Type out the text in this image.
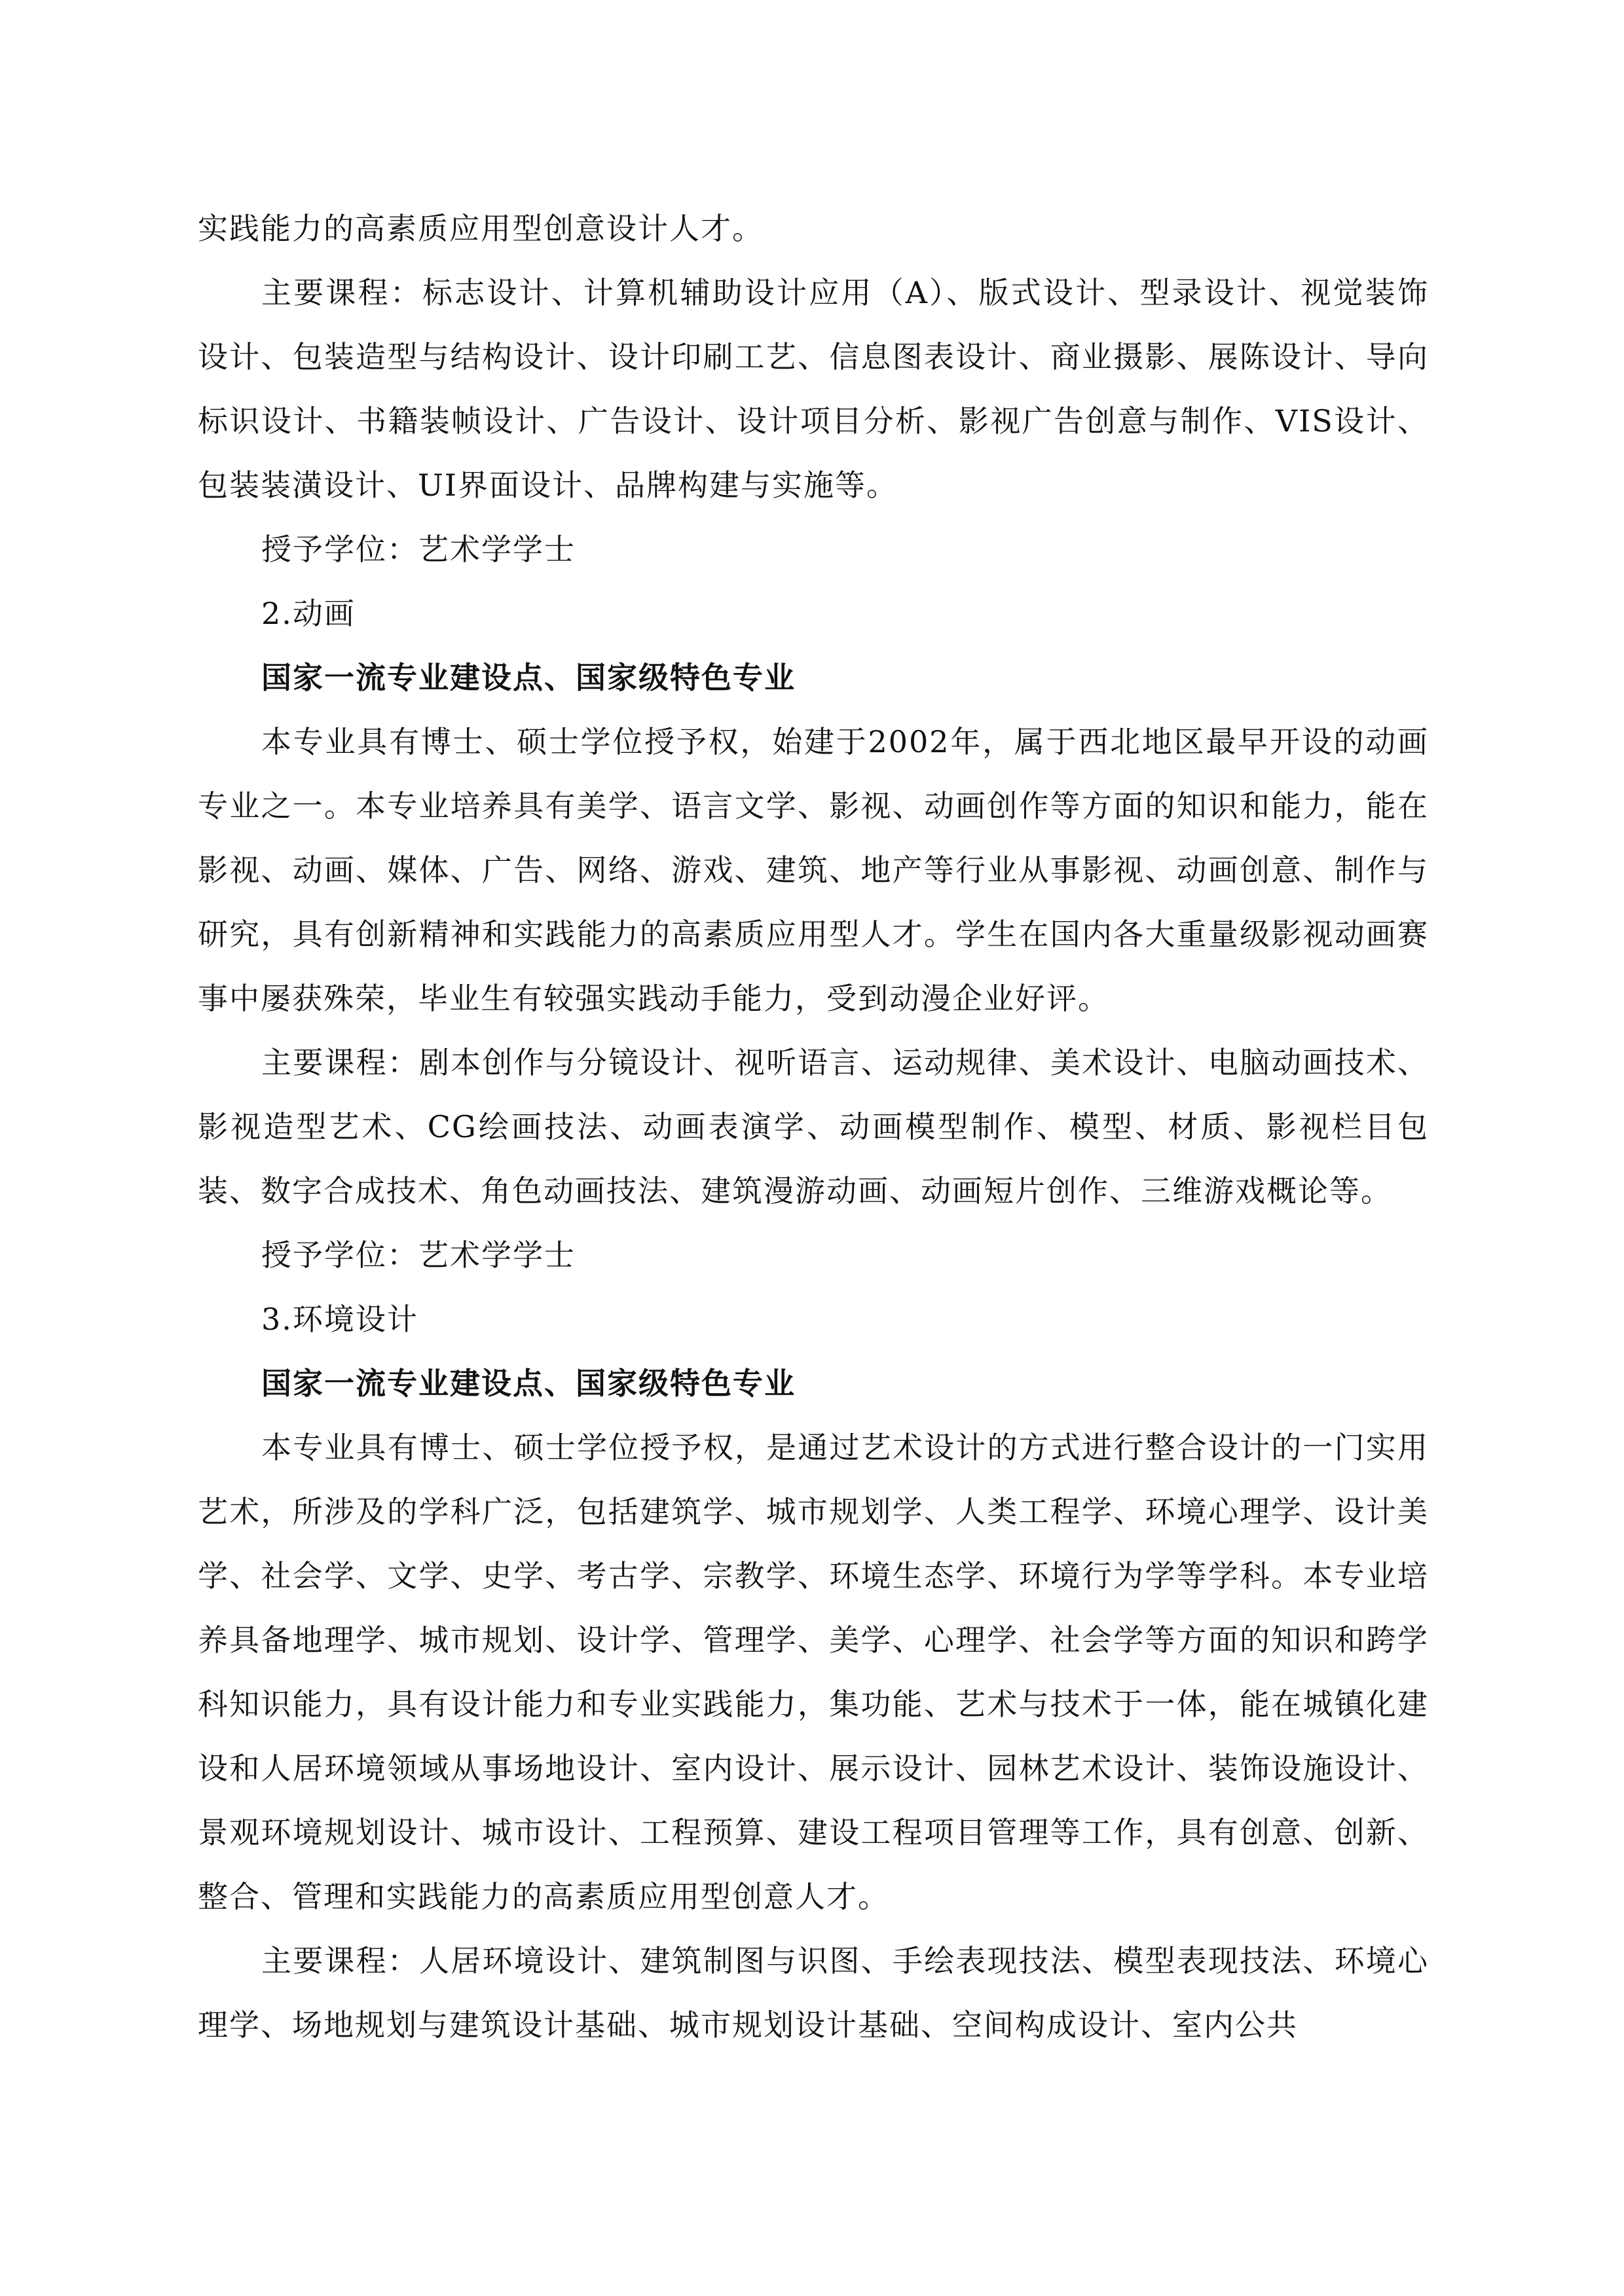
实践能力的高素质应用型创意设计人才。

主要课程：标志设计、计算机辅助设计应用（A）、版式设计、型录设计、视觉装饰设计、包装造型与结构设计、设计印刷工艺、信息图表设计、商业摄影、展陈设计、导向标识设计、书籍装帧设计、广告设计、设计项目分析、影视广告创意与制作、VIS设计、包装装潢设计、UI界面设计、品牌构建与实施等。

授予学位：艺术学学士

2.动画

国家一流专业建设点、国家级特色专业

本专业具有博士、硕士学位授予权，始建于2002年，属于西北地区最早开设的动画专业之一。本专业培养具有美学、语言文学、影视、动画创作等方面的知识和能力，能在影视、动画、媒体、广告、网络、游戏、建筑、地产等行业从事影视、动画创意、制作与研究，具有创新精神和实践能力的高素质应用型人才。学生在国内各大重量级影视动画赛事中屡获殊荣，毕业生有较强实践动手能力，受到动漫企业好评。

主要课程：剧本创作与分镜设计、视听语言、运动规律、美术设计、电脑动画技术、影视造型艺术、CG绘画技法、动画表演学、动画模型制作、模型、材质、影视栏目包装、数字合成技术、角色动画技法、建筑漫游动画、动画短片创作、三维游戏概论等。

授予学位：艺术学学士

3.环境设计

国家一流专业建设点、国家级特色专业

本专业具有博士、硕士学位授予权，是通过艺术设计的方式进行整合设计的一门实用艺术，所涉及的学科广泛，包括建筑学、城市规划学、人类工程学、环境心理学、设计美学、社会学、文学、史学、考古学、宗教学、环境生态学、环境行为学等学科。本专业培养具备地理学、城市规划、设计学、管理学、美学、心理学、社会学等方面的知识和跨学科知识能力，具有设计能力和专业实践能力，集功能、艺术与技术于一体，能在城镇化建设和人居环境领域从事场地设计、室内设计、展示设计、园林艺术设计、装饰设施设计、景观环境规划设计、城市设计、工程预算、建设工程项目管理等工作，具有创意、创新、整合、管理和实践能力的高素质应用型创意人才。

主要课程：人居环境设计、建筑制图与识图、手绘表现技法、模型表现技法、环境心理学、场地规划与建筑设计基础、城市规划设计基础、空间构成设计、室内公共
